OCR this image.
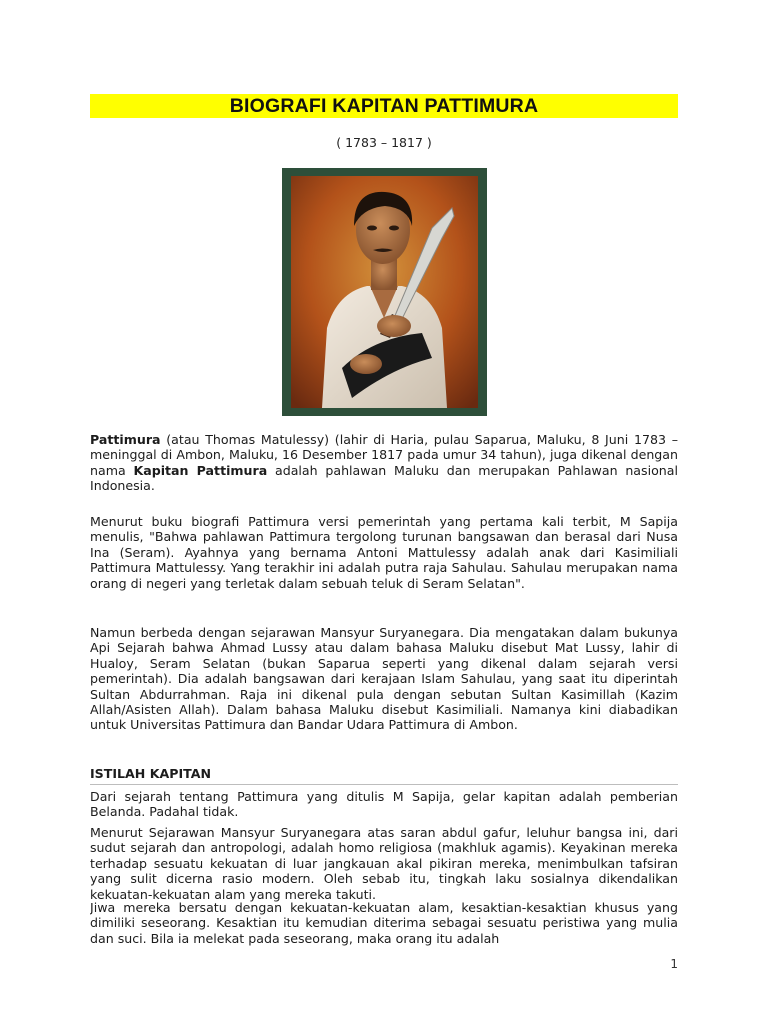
BIOGRAFI KAPITAN PATTIMURA
( 1783 – 1817 )
Pattimura (atau Thomas Matulessy) (lahir di Haria, pulau Saparua, Maluku, 8 Juni 1783 – meninggal di Ambon, Maluku, 16 Desember 1817 pada umur 34 tahun), juga dikenal dengan nama Kapitan Pattimura adalah pahlawan Maluku dan merupakan Pahlawan nasional Indonesia.
Menurut buku biografi Pattimura versi pemerintah yang pertama kali terbit, M Sapija menulis, "Bahwa pahlawan Pattimura tergolong turunan bangsawan dan berasal dari Nusa Ina (Seram). Ayahnya yang bernama Antoni Mattulessy adalah anak dari Kasimiliali Pattimura Mattulessy. Yang terakhir ini adalah putra raja Sahulau. Sahulau merupakan nama orang di negeri yang terletak dalam sebuah teluk di Seram Selatan".
Namun berbeda dengan sejarawan Mansyur Suryanegara. Dia mengatakan dalam bukunya Api Sejarah bahwa Ahmad Lussy atau dalam bahasa Maluku disebut Mat Lussy, lahir di Hualoy, Seram Selatan (bukan Saparua seperti yang dikenal dalam sejarah versi pemerintah). Dia adalah bangsawan dari kerajaan Islam Sahulau, yang saat itu diperintah Sultan Abdurrahman. Raja ini dikenal pula dengan sebutan Sultan Kasimillah (Kazim Allah/Asisten Allah). Dalam bahasa Maluku disebut Kasimiliali. Namanya kini diabadikan untuk Universitas Pattimura dan Bandar Udara Pattimura di Ambon.
ISTILAH KAPITAN
Dari sejarah tentang Pattimura yang ditulis M Sapija, gelar kapitan adalah pemberian Belanda. Padahal tidak.
Menurut Sejarawan Mansyur Suryanegara atas saran abdul gafur, leluhur bangsa ini, dari sudut sejarah dan antropologi, adalah homo religiosa (makhluk agamis). Keyakinan mereka terhadap sesuatu kekuatan di luar jangkauan akal pikiran mereka, menimbulkan tafsiran yang sulit dicerna rasio modern. Oleh sebab itu, tingkah laku sosialnya dikendalikan kekuatan-kekuatan alam yang mereka takuti.
Jiwa mereka bersatu dengan kekuatan-kekuatan alam, kesaktian-kesaktian khusus yang dimiliki seseorang. Kesaktian itu kemudian diterima sebagai sesuatu peristiwa yang mulia dan suci. Bila ia melekat pada seseorang, maka orang itu adalah
1
